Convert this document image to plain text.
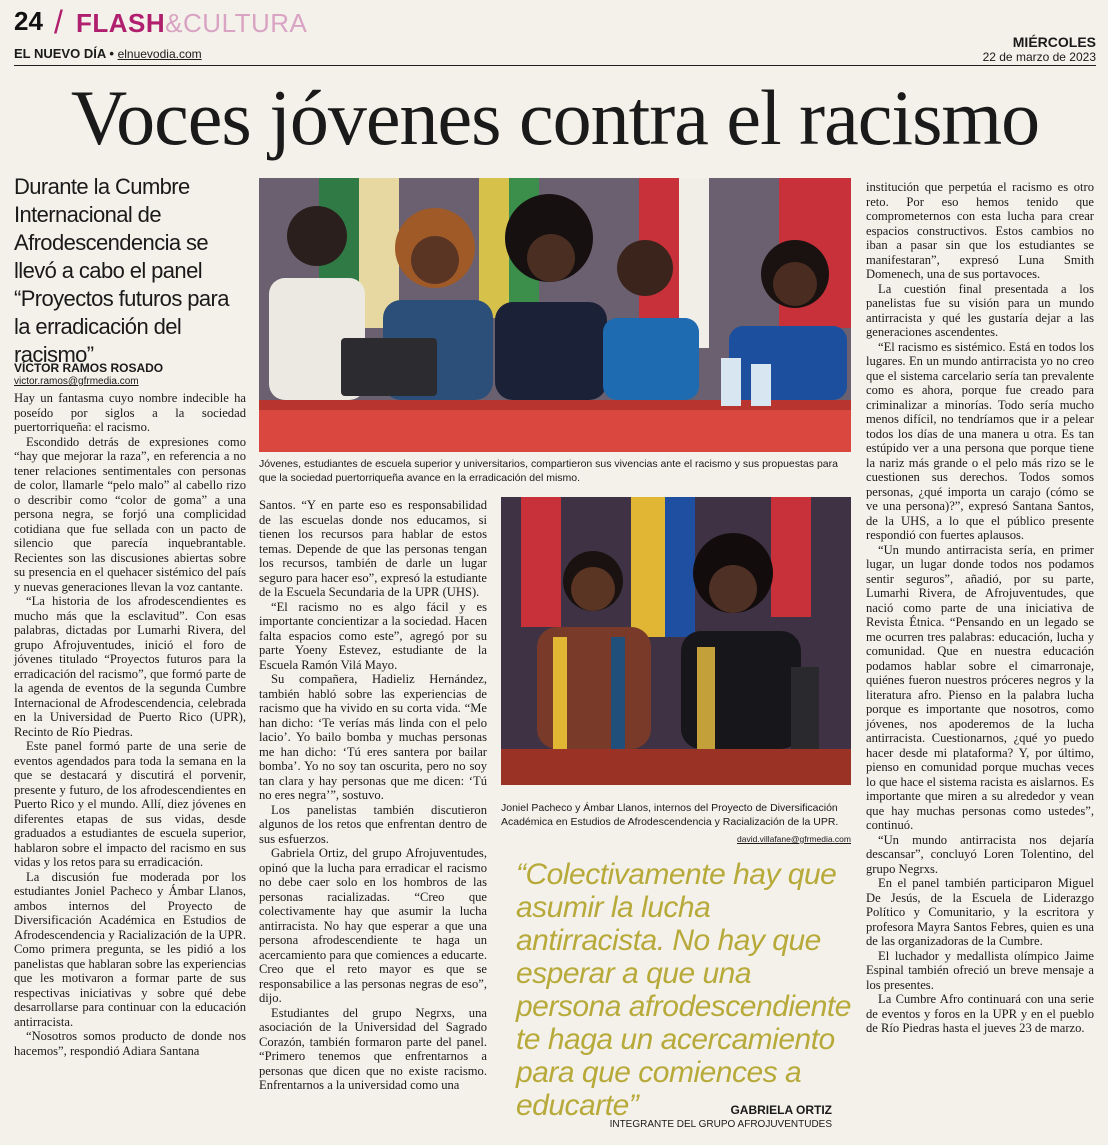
24 / FLASH&CULTURA
EL NUEVO DÍA • elnuevodia.com
MIÉRCOLES
22 de marzo de 2023
Voces jóvenes contra el racismo
Durante la Cumbre Internacional de Afrodescendencia se llevó a cabo el panel “Proyectos futuros para la erradicación del racismo”
VÍCTOR RAMOS ROSADO
victor.ramos@gfrmedia.com

Hay un fantasma cuyo nombre indecible ha poseído por siglos a la sociedad puertorriqueña: el racismo.

Escondido detrás de expresiones como “hay que mejorar la raza”, en referencia a no tener relaciones sentimentales con personas de color, llamarle “pelo malo” al cabello rizo o describir como “color de goma” a una persona negra, se forjó una complicidad cotidiana que fue sellada con un pacto de silencio que parecía inquebrantable. Recientes son las discusiones abiertas sobre su presencia en el quehacer sistémico del país y nuevas generaciones llevan la voz cantante.

“La historia de los afrodescendientes es mucho más que la esclavitud”. Con esas palabras, dictadas por Lumarhi Rivera, del grupo Afrojuventudes, inició el foro de jóvenes titulado “Proyectos futuros para la erradicación del racismo”, que formó parte de la agenda de eventos de la segunda Cumbre Internacional de Afrodescendencia, celebrada en la Universidad de Puerto Rico (UPR), Recinto de Río Piedras.

Este panel formó parte de una serie de eventos agendados para toda la semana en la que se destacará y discutirá el porvenir, presente y futuro, de los afrodescendientes en Puerto Rico y el mundo. Allí, diez jóvenes en diferentes etapas de sus vidas, desde graduados a estudiantes de escuela superior, hablaron sobre el impacto del racismo en sus vidas y los retos para su erradicación.

La discusión fue moderada por los estudiantes Joniel Pacheco y Ámbar Llanos, ambos internos del Proyecto de Diversificación Académica en Estudios de Afrodescendencia y Racialización de la UPR. Como primera pregunta, se les pidió a los panelistas que hablaran sobre las experiencias que les motivaron a formar parte de sus respectivas iniciativas y sobre qué debe desarrollarse para continuar con la educación antirracista.

“Nosotros somos producto de donde nos hacemos”, respondió Adiara Santana

Jóvenes, estudiantes de escuela superior y universitarios, compartieron sus vivencias ante el racismo y sus propuestas para que la sociedad puertorriqueña avance en la erradicación del mismo.

Santos. “Y en parte eso es responsabilidad de las escuelas donde nos educamos, si tienen los recursos para hablar de estos temas. Depende de que las personas tengan los recursos, también de darle un lugar seguro para hacer eso”, expresó la estudiante de la Escuela Secundaria de la UPR (UHS).

“El racismo no es algo fácil y es importante concientizar a la sociedad. Hacen falta espacios como este”, agregó por su parte Yoeny Estevez, estudiante de la Escuela Ramón Vilá Mayo.

Su compañera, Hadieliz Hernández, también habló sobre las experiencias de racismo que ha vivido en su corta vida. “Me han dicho: ‘Te verías más linda con el pelo lacio’. Yo bailo bomba y muchas personas me han dicho: ‘Tú eres santera por bailar bomba’. Yo no soy tan oscurita, pero no soy tan clara y hay personas que me dicen: ‘Tú no eres negra’”, sostuvo.

Los panelistas también discutieron algunos de los retos que enfrentan dentro de sus esfuerzos.

Gabriela Ortiz, del grupo Afrojuventudes, opinó que la lucha para erradicar el racismo no debe caer solo en los hombros de las personas racializadas. “Creo que colectivamente hay que asumir la lucha antirracista. No hay que esperar a que una persona afrodescendiente te haga un acercamiento para que comiences a educarte. Creo que el reto mayor es que se responsabilice a las personas negras de eso”, dijo.

Estudiantes del grupo Negrxs, una asociación de la Universidad del Sagrado Corazón, también formaron parte del panel. “Primero tenemos que enfrentarnos a personas que dicen que no existe racismo. Enfrentarnos a la universidad como una

Joniel Pacheco y Ámbar Llanos, internos del Proyecto de Diversificación Académica en Estudios de Afrodescendencia y Racialización de la UPR.
david.villafane@gfrmedia.com
“Colectivamente hay que asumir la lucha antirracista. No hay que esperar a que una persona afrodescendiente te haga un acercamiento para que comiences a educarte”	GABRIELA ORTIZ
INTEGRANTE DEL GRUPO AFROJUVENTUDES

institución que perpetúa el racismo es otro reto. Por eso hemos tenido que comprometernos con esta lucha para crear espacios constructivos. Estos cambios no iban a pasar sin que los estudiantes se manifestaran”, expresó Luna Smith Domenech, una de sus portavoces.

La cuestión final presentada a los panelistas fue su visión para un mundo antirracista y qué les gustaría dejar a las generaciones ascendentes.

“El racismo es sistémico. Está en todos los lugares. En un mundo antirracista yo no creo que el sistema carcelario sería tan prevalente como es ahora, porque fue creado para criminalizar a minorías. Todo sería mucho menos difícil, no tendríamos que ir a pelear todos los días de una manera u otra. Es tan estúpido ver a una persona que porque tiene la nariz más grande o el pelo más rizo se le cuestionen sus derechos. Todos somos personas, ¿qué importa un carajo (cómo se ve una persona)?”, expresó Santana Santos, de la UHS, a lo que el público presente respondió con fuertes aplausos.

“Un mundo antirracista sería, en primer lugar, un lugar donde todos nos podamos sentir seguros”, añadió, por su parte, Lumarhi Rivera, de Afrojuventudes, que nació como parte de una iniciativa de Revista Étnica. “Pensando en un legado se me ocurren tres palabras: educación, lucha y comunidad. Que en nuestra educación podamos hablar sobre el cimarronaje, quiénes fueron nuestros próceres negros y la literatura afro. Pienso en la palabra lucha porque es importante que nosotros, como jóvenes, nos apoderemos de la lucha antirracista. Cuestionarnos, ¿qué yo puedo hacer desde mi plataforma? Y, por último, pienso en comunidad porque muchas veces lo que hace el sistema racista es aislarnos. Es importante que miren a su alrededor y vean que hay muchas personas como ustedes”, continuó.

“Un mundo antirracista nos dejaría descansar”, concluyó Loren Tolentino, del grupo Negrxs.

En el panel también participaron Miguel De Jesús, de la Escuela de Liderazgo Político y Comunitario, y la escritora y profesora Mayra Santos Febres, quien es una de las organizadoras de la Cumbre.

El luchador y medallista olímpico Jaime Espinal también ofreció un breve mensaje a los presentes.

La Cumbre Afro continuará con una serie de eventos y foros en la UPR y en el pueblo de Río Piedras hasta el jueves 23 de marzo.
